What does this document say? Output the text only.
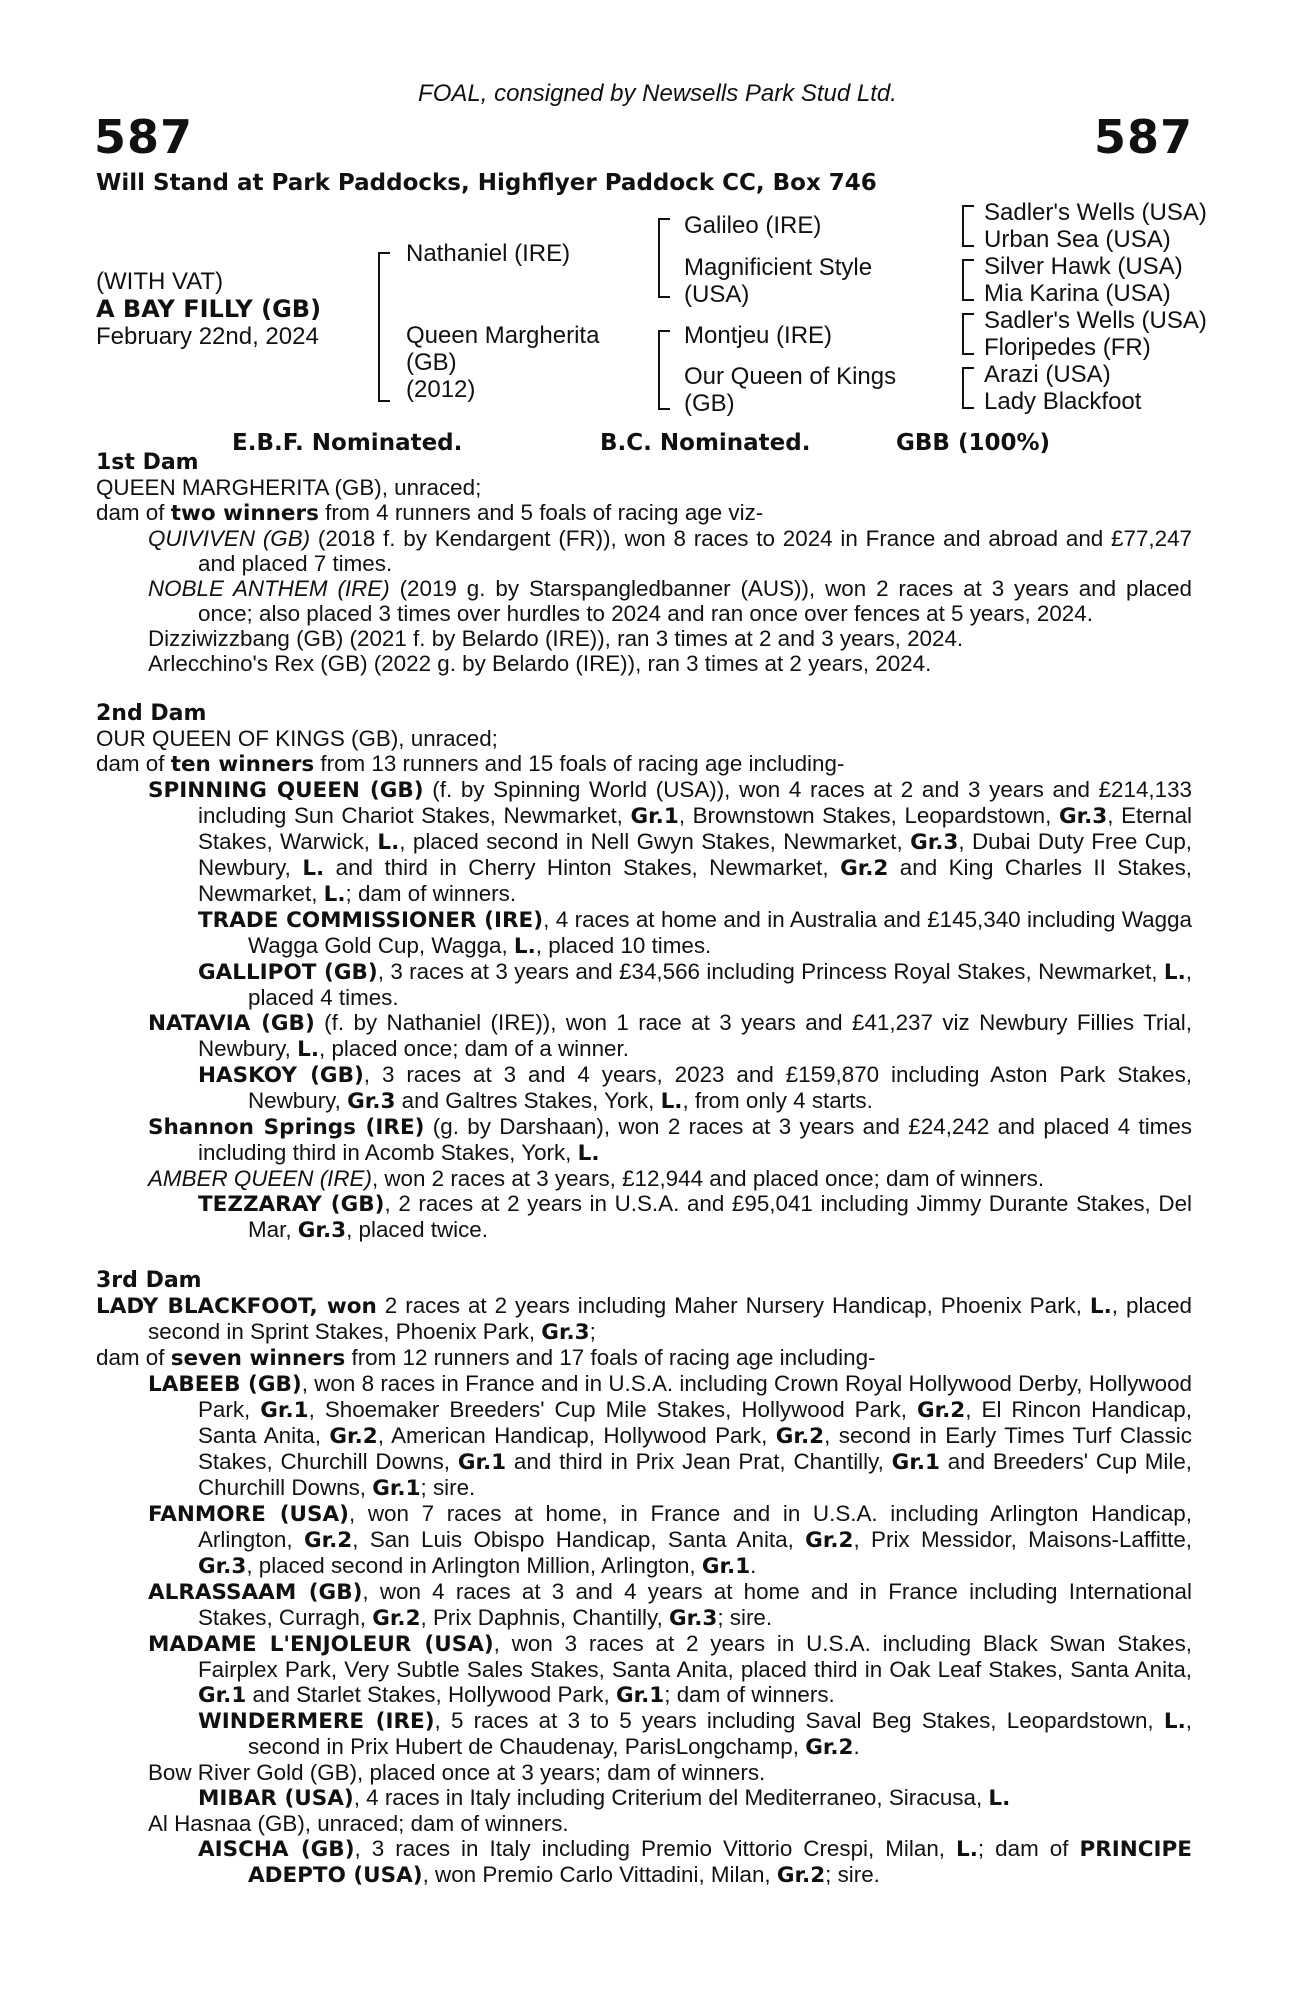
FOAL, consigned by Newsells Park Stud Ltd.
587	587
Will Stand at Park Paddocks, Highflyer Paddock CC, Box 746
(WITH VAT)
A BAY FILLY (GB)
February 22nd, 2024
Nathaniel (IRE)
Queen Margherita
(GB)
(2012)
Galileo (IRE)
Magnificient Style
(USA)
Montjeu (IRE)
Our Queen of Kings
(GB)
Sadler's Wells (USA)
Urban Sea (USA)
Silver Hawk (USA)
Mia Karina (USA)
Sadler's Wells (USA)
Floripedes (FR)
Arazi (USA)
Lady Blackfoot
E.B.F. Nominated.	B.C. Nominated.	GBB (100%)

1st Dam

QUEEN MARGHERITA (GB), unraced;

dam of two winners from 4 runners and 5 foals of racing age viz-

QUIVIVEN (GB) (2018 f. by Kendargent (FR)), won 8 races to 2024 in France and abroad and £77,247 and placed 7 times.

NOBLE ANTHEM (IRE) (2019 g. by Starspangledbanner (AUS)), won 2 races at 3 years and placed once; also placed 3 times over hurdles to 2024 and ran once over fences at 5 years, 2024.

Dizziwizzbang (GB) (2021 f. by Belardo (IRE)), ran 3 times at 2 and 3 years, 2024.

Arlecchino's Rex (GB) (2022 g. by Belardo (IRE)), ran 3 times at 2 years, 2024.

2nd Dam

OUR QUEEN OF KINGS (GB), unraced;

dam of ten winners from 13 runners and 15 foals of racing age including-

SPINNING QUEEN (GB) (f. by Spinning World (USA)), won 4 races at 2 and 3 years and £214,133 including Sun Chariot Stakes, Newmarket, Gr.1, Brownstown Stakes, Leopardstown, Gr.3, Eternal Stakes, Warwick, L., placed second in Nell Gwyn Stakes, Newmarket, Gr.3, Dubai Duty Free Cup, Newbury, L. and third in Cherry Hinton Stakes, Newmarket, Gr.2 and King Charles II Stakes, Newmarket, L.; dam of winners.

TRADE COMMISSIONER (IRE), 4 races at home and in Australia and £145,340 including Wagga Wagga Gold Cup, Wagga, L., placed 10 times.

GALLIPOT (GB), 3 races at 3 years and £34,566 including Princess Royal Stakes, Newmarket, L., placed 4 times.

NATAVIA (GB) (f. by Nathaniel (IRE)), won 1 race at 3 years and £41,237 viz Newbury Fillies Trial, Newbury, L., placed once; dam of a winner.

HASKOY (GB), 3 races at 3 and 4 years, 2023 and £159,870 including Aston Park Stakes, Newbury, Gr.3 and Galtres Stakes, York, L., from only 4 starts.

Shannon Springs (IRE) (g. by Darshaan), won 2 races at 3 years and £24,242 and placed 4 times including third in Acomb Stakes, York, L.

AMBER QUEEN (IRE), won 2 races at 3 years, £12,944 and placed once; dam of winners.

TEZZARAY (GB), 2 races at 2 years in U.S.A. and £95,041 including Jimmy Durante Stakes, Del Mar, Gr.3, placed twice.

3rd Dam

LADY BLACKFOOT, won 2 races at 2 years including Maher Nursery Handicap, Phoenix Park, L., placed second in Sprint Stakes, Phoenix Park, Gr.3;

dam of seven winners from 12 runners and 17 foals of racing age including-

LABEEB (GB), won 8 races in France and in U.S.A. including Crown Royal Hollywood Derby, Hollywood Park, Gr.1, Shoemaker Breeders' Cup Mile Stakes, Hollywood Park, Gr.2, El Rincon Handicap, Santa Anita, Gr.2, American Handicap, Hollywood Park, Gr.2, second in Early Times Turf Classic Stakes, Churchill Downs, Gr.1 and third in Prix Jean Prat, Chantilly, Gr.1 and Breeders' Cup Mile, Churchill Downs, Gr.1; sire.

FANMORE (USA), won 7 races at home, in France and in U.S.A. including Arlington Handicap, Arlington, Gr.2, San Luis Obispo Handicap, Santa Anita, Gr.2, Prix Messidor, Maisons-Laffitte, Gr.3, placed second in Arlington Million, Arlington, Gr.1.

ALRASSAAM (GB), won 4 races at 3 and 4 years at home and in France including International Stakes, Curragh, Gr.2, Prix Daphnis, Chantilly, Gr.3; sire.

MADAME L'ENJOLEUR (USA), won 3 races at 2 years in U.S.A. including Black Swan Stakes, Fairplex Park, Very Subtle Sales Stakes, Santa Anita, placed third in Oak Leaf Stakes, Santa Anita, Gr.1 and Starlet Stakes, Hollywood Park, Gr.1; dam of winners.

WINDERMERE (IRE), 5 races at 3 to 5 years including Saval Beg Stakes, Leopardstown, L., second in Prix Hubert de Chaudenay, ParisLongchamp, Gr.2.

Bow River Gold (GB), placed once at 3 years; dam of winners.

MIBAR (USA), 4 races in Italy including Criterium del Mediterraneo, Siracusa, L.

Al Hasnaa (GB), unraced; dam of winners.

AISCHA (GB), 3 races in Italy including Premio Vittorio Crespi, Milan, L.; dam of PRINCIPE ADEPTO (USA), won Premio Carlo Vittadini, Milan, Gr.2; sire.
